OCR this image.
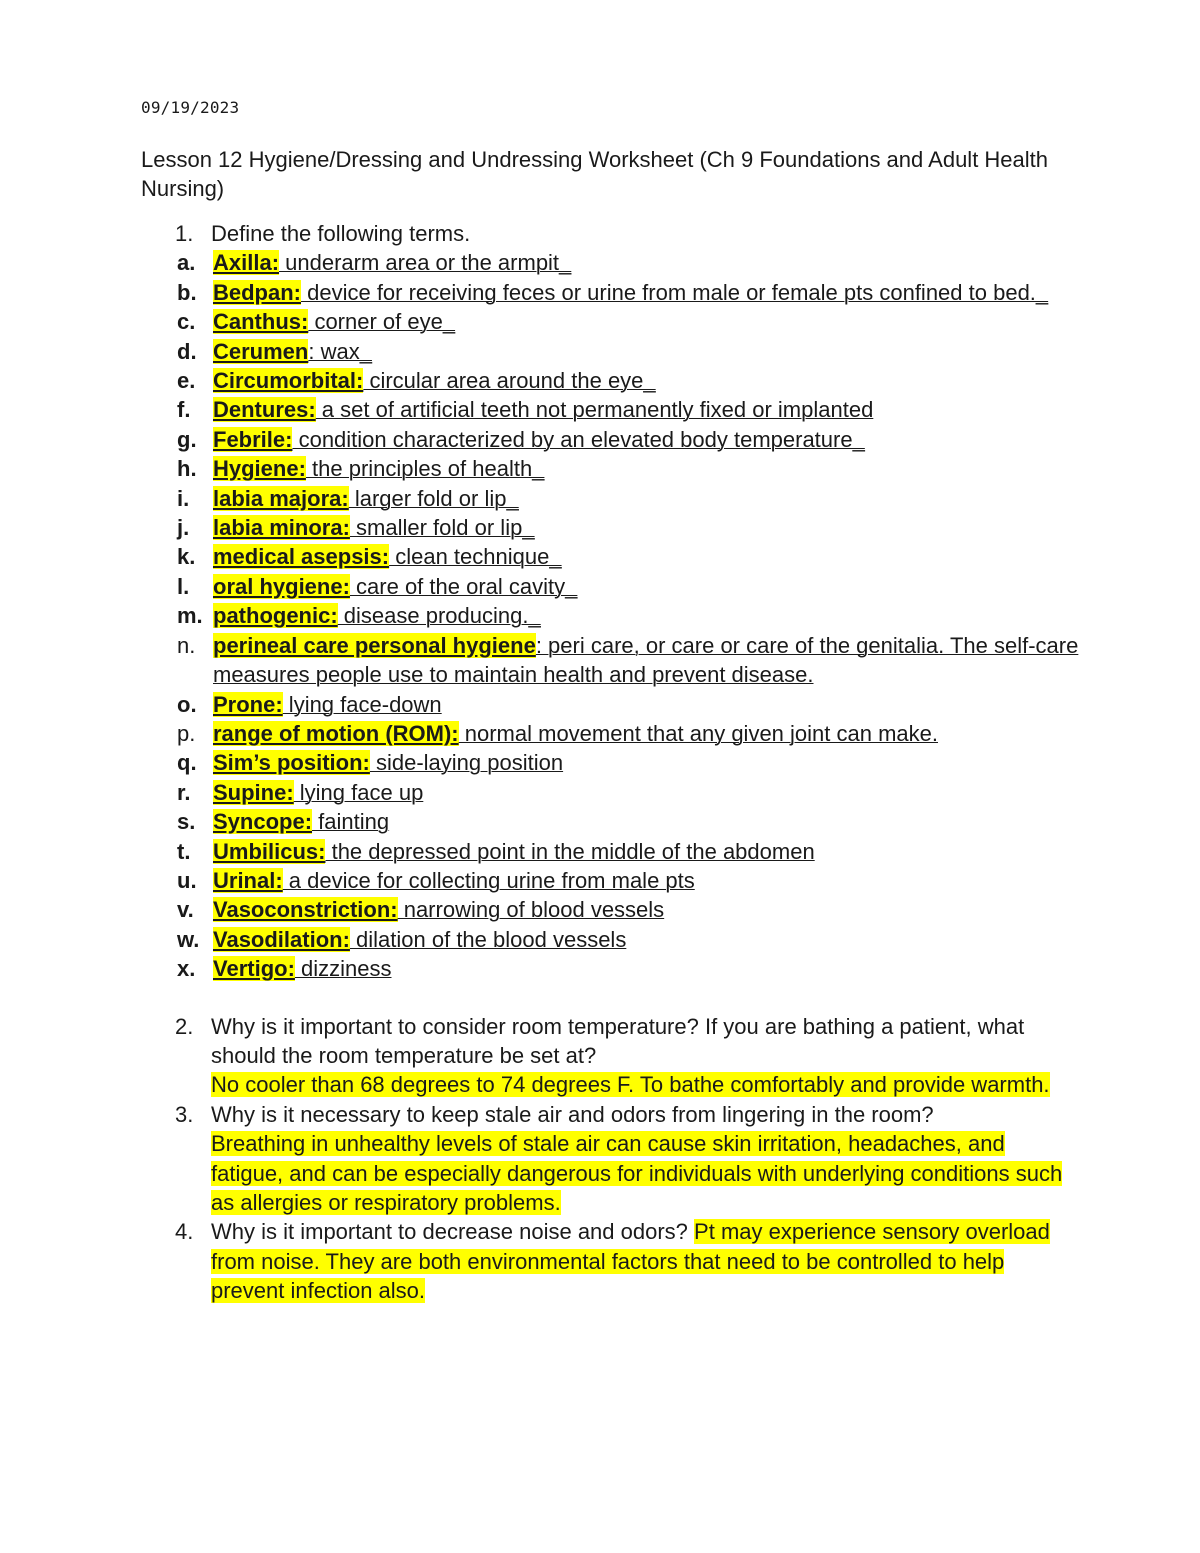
09/19/2023
Lesson 12 Hygiene/Dressing and Undressing Worksheet (Ch 9 Foundations and Adult Health Nursing)
1. Define the following terms.
a. Axilla: underarm area or the armpit_
b. Bedpan: device for receiving feces or urine from male or female pts confined to bed._
c. Canthus: corner of eye_
d. Cerumen: wax_
e. Circumorbital: circular area around the eye_
f. Dentures: a set of artificial teeth not permanently fixed or implanted
g. Febrile: condition characterized by an elevated body temperature_
h. Hygiene: the principles of health_
i. labia majora: larger fold or lip_
j. labia minora: smaller fold or lip_
k. medical asepsis: clean technique_
l. oral hygiene: care of the oral cavity_
m. pathogenic: disease producing._
n. perineal care personal hygiene: peri care, or care or care of the genitalia. The self-care measures people use to maintain health and prevent disease.
o. Prone: lying face-down
p. range of motion (ROM): normal movement that any given joint can make.
q. Sim’s position: side-laying position
r. Supine: lying face up
s. Syncope: fainting
t. Umbilicus: the depressed point in the middle of the abdomen
u. Urinal: a device for collecting urine from male pts
v. Vasoconstriction: narrowing of blood vessels
w. Vasodilation: dilation of the blood vessels
x. Vertigo: dizziness
2. Why is it important to consider room temperature? If you are bathing a patient, what should the room temperature be set at?
No cooler than 68 degrees to 74 degrees F. To bathe comfortably and provide warmth.
3. Why is it necessary to keep stale air and odors from lingering in the room?
Breathing in unhealthy levels of stale air can cause skin irritation, headaches, and fatigue, and can be especially dangerous for individuals with underlying conditions such as allergies or respiratory problems.
4. Why is it important to decrease noise and odors? Pt may experience sensory overload from noise. They are both environmental factors that need to be controlled to help prevent infection also.
